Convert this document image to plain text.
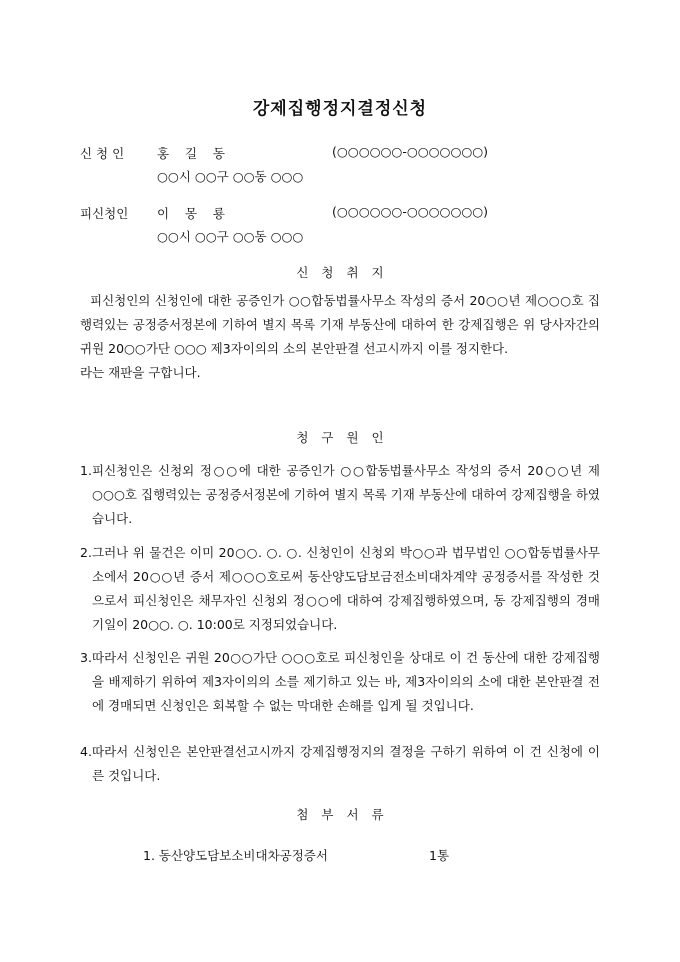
강제집행정지결정신청
신 청 인	홍    길    동	(○○○○○○-○○○○○○○)
○○시 ○○구 ○○동 ○○○
피신청인	이    몽    룡	(○○○○○○-○○○○○○○)
○○시 ○○구 ○○동 ○○○
신 청 취 지

피신청인의 신청인에 대한 공증인가 ○○합동법률사무소 작성의 증서 20○○년 제○○○호 집행력있는 공정증서정본에 기하여 별지 목록 기재 부동산에 대하여 한 강제집행은 위 당사자간의 귀원 20○○가단 ○○○ 제3자이의의 소의 본안판결 선고시까지 이를 정지한다.

라는 재판을 구합니다.

청 구 원 인
1. 피신청인은 신청외 정○○에 대한 공증인가 ○○합동법률사무소 작성의 증서 20○○년 제○○○호 집행력있는 공정증서정본에 기하여 별지 목록 기재 부동산에 대하여 강제집행을 하였습니다.
2. 그러나 위 물건은 이미 20○○. ○. ○. 신청인이 신청외 박○○과 법무법인 ○○합동법률사무소에서 20○○년 증서 제○○○호로써 동산양도담보금전소비대차계약 공정증서를 작성한 것으로서 피신청인은 채무자인 신청외 정○○에 대하여 강제집행하였으며, 동 강제집행의 경매기일이 20○○. ○. 10:00로 지정되었습니다.
3. 따라서 신청인은 귀원 20○○가단 ○○○호로 피신청인을 상대로 이 건 동산에 대한 강제집행을 배제하기 위하여 제3자이의의 소를 제기하고 있는 바, 제3자이의의 소에 대한 본안판결 전에 경매되면 신청인은 회복할 수 없는 막대한 손해를 입게 될 것입니다.
4. 따라서 신청인은 본안판결선고시까지 강제집행정지의 결정을 구하기 위하여 이 건 신청에 이른 것입니다.
첨 부 서 류
1. 동산양도담보소비대차공정증서	1통
